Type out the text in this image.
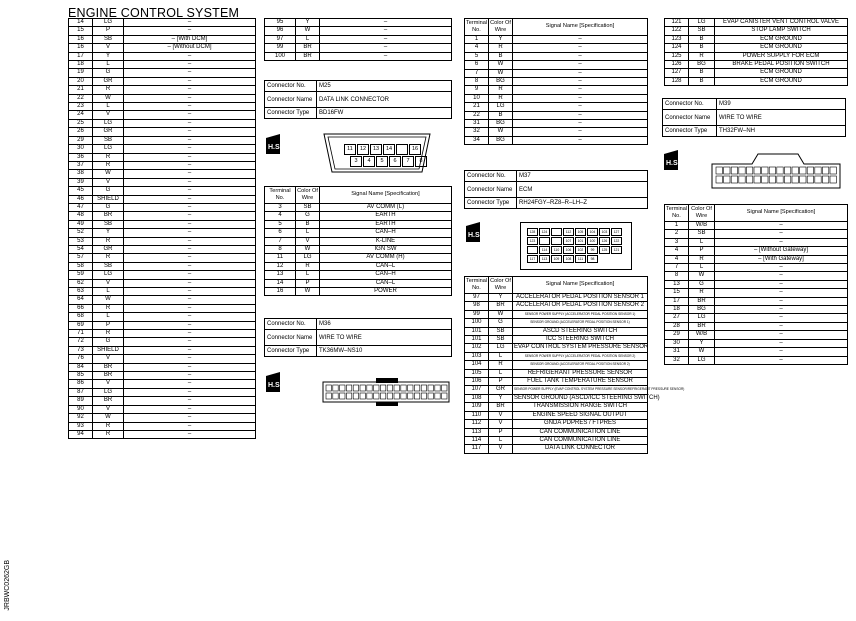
ENGINE CONTROL SYSTEM
14	LG	–
15	P	–
16	SB	– [With DCM]
16	V	– [Without DCM]
17	Y	–
18	L	–
19	G	–
20	GR	–
21	R	–
22	W	–
23	L	–
24	V	–
25	LG	–
26	GR	–
29	SB	–
30	LG	–
36	R	–
37	R	–
38	W	–
39	V	–
45	G	–
46	SHIELD	–
47	G	–
48	BR	–
49	SB	–
52	Y	–
53	R	–
54	GR	–
57	R	–
58	SB	–
59	LG	–
62	V	–
63	L	–
64	W	–
66	R	–
68	L	–
69	P	–
71	R	–
72	G	–
73	SHIELD	–
76	V	–
84	BR	–
85	BR	–
86	V	–
87	LG	–
89	BR	–
90	V	–
92	W	–
93	R	–
94	R	–
95	Y	–
96	W	–
97	L	–
99	BR	–
100	BR	–
Connector No.	M25
Connector Name	DATA LINK CONNECTOR
Connector Type	BD16FW
H.S.	11	12	13	14	16
3	4	5	6	7	8
Terminal No.	Color Of Wire	Signal Name [Specification]
3	SB	AV COMM (L)
4	G	EARTH
5	B	EARTH
6	L	CAN–H
7	V	K-LINE
8	W	IGN SW
11	LG	AV COMM (H)
12	R	CAN–L
13	L	CAN–H
14	P	CAN–L
16	W	POWER
Connector No.	M36
Connector Name	WIRE TO WIRE
Connector Type	TK36MW–NS10
H.S.
Terminal No.	Color Of Wire	Signal Name [Specification]
1	Y	–
4	R	–
5	B	–
6	W	–
7	W	–
8	BG	–
9	R	–
10	R	–
21	LG	–
22	B	–
31	BG	–
32	W	–
34	BG	–
Connector No.	M37
Connector Name	ECM
Connector Type	RH24FGY–RZ8–R–LH–Z
H.S.	128	124	112	105	104	103	127
123	107	101	100	126	122
114	110	106	102	99	125	121
117	113	109	108	111	98
Terminal No.	Color Of Wire	Signal Name [Specification]
97	Y	ACCELERATOR PEDAL POSITION SENSOR 1
98	BR	ACCELERATOR PEDAL POSITION SENSOR 2
99	W	SENSOR POWER SUPPLY (ACCELERATOR PEDAL POSITION SENSOR 1)
100	G	SENSOR GROUND (ACCELERATOR PEDAL POSITION SENSOR 1)
101	SB	ASCD STEERING SWITCH
101	SB	ICC STEERING SWITCH
102	LG	EVAP CONTROL SYSTEM PRESSURE SENSOR
103	L	SENSOR POWER SUPPLY (ACCELERATOR PEDAL POSITION SENSOR 2)
104	R	SENSOR GROUND (ACCELERATOR PEDAL POSITION SENSOR 2)
105	L	REFRIGERANT PRESSURE SENSOR
106	P	FUEL TANK TEMPERATURE SENSOR
107	GR	SENSOR POWER SUPPLY (EVAP CONTROL SYSTEM PRESSURE SENSOR/REFRIGERANT PRESSURE SENSOR)
108	Y	SENSOR GROUND (ASCD/ICC STEERING SWITCH)
109	BR	TRANSMISSION RANGE SWITCH
110	V	ENGINE SPEED SIGNAL OUTPUT
112	V	GNDA PDPRES / FTPRES
113	P	CAN COMMUNICATION LINE
114	L	CAN COMMUNICATION LINE
117	V	DATA LINK CONNECTOR
121	LG	EVAP CANISTER VENT CONTROL VALVE
122	SB	STOP LAMP SWITCH
123	B	ECM GROUND
124	B	ECM GROUND
125	R	POWER SUPPLY FOR ECM
126	BG	BRAKE PEDAL POSITION SWITCH
127	B	ECM GROUND
128	B	ECM GROUND
Connector No.	M39
Connector Name	WIRE TO WIRE
Connector Type	TH32FW–NH
H.S.
Terminal No.	Color Of Wire	Signal Name [Specification]
1	W/B	–
2	SB	–
3	L	–
4	P	– [Without Gateway]
4	R	– [With Gateway]
7	L	–
8	W	–
13	G	–
15	R	–
17	BR	–
18	BG	–
27	LG	–
28	BR	–
29	W/B	–
30	Y	–
31	W	–
32	LG	–
JRBWC0262GB
